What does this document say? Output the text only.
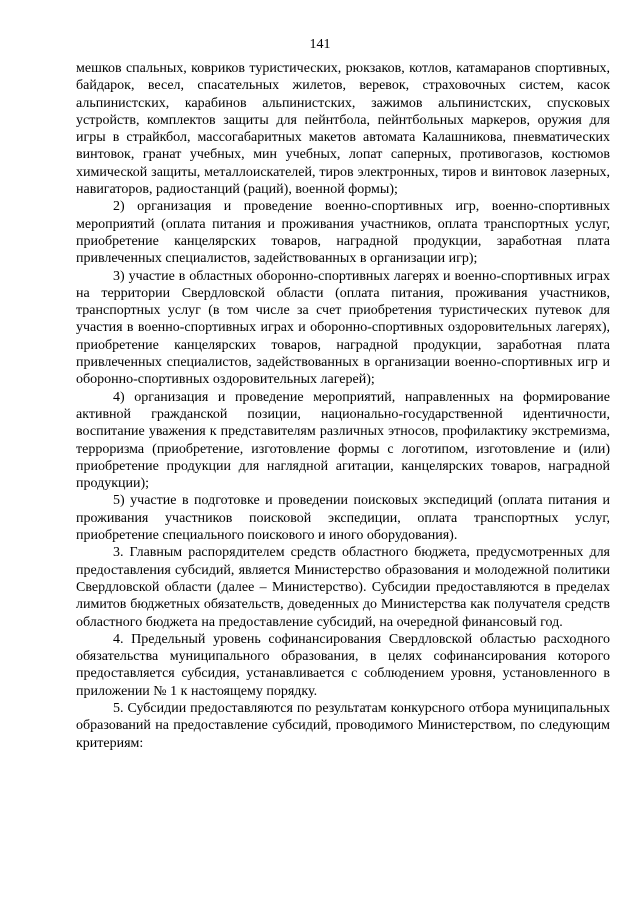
141

мешков спальных, ковриков туристических, рюкзаков, котлов, катамаранов спортивных, байдарок, весел, спасательных жилетов, веревок, страховочных систем, касок альпинистских, карабинов альпинистских, зажимов альпинистских, спусковых устройств, комплектов защиты для пейнтбола, пейнтбольных маркеров, оружия для игры в страйкбол, массогабаритных макетов автомата Калашникова, пневматических винтовок, гранат учебных, мин учебных, лопат саперных, противогазов, костюмов химической защиты, металлоискателей, тиров электронных, тиров и винтовок лазерных, навигаторов, радиостанций (раций), военной формы);

2) организация и проведение военно-спортивных игр, военно-спортивных мероприятий (оплата питания и проживания участников, оплата транспортных услуг, приобретение канцелярских товаров, наградной продукции, заработная плата привлеченных специалистов, задействованных в организации игр);

3) участие в областных оборонно-спортивных лагерях и военно-спортивных играх на территории Свердловской области (оплата питания, проживания участников, транспортных услуг (в том числе за счет приобретения туристических путевок для участия в военно-спортивных играх и оборонно-спортивных оздоровительных лагерях), приобретение канцелярских товаров, наградной продукции, заработная плата привлеченных специалистов, задействованных в организации военно-спортивных игр и оборонно-спортивных оздоровительных лагерей);

4) организация и проведение мероприятий, направленных на формирование активной гражданской позиции, национально-государственной идентичности, воспитание уважения к представителям различных этносов, профилактику экстремизма, терроризма (приобретение, изготовление формы с логотипом, изготовление и (или) приобретение продукции для наглядной агитации, канцелярских товаров, наградной продукции);

5) участие в подготовке и проведении поисковых экспедиций (оплата питания и проживания участников поисковой экспедиции, оплата транспортных услуг, приобретение специального поискового и иного оборудования).

3. Главным распорядителем средств областного бюджета, предусмотренных для предоставления субсидий, является Министерство образования и молодежной политики Свердловской области (далее – Министерство). Субсидии предоставляются в пределах лимитов бюджетных обязательств, доведенных до Министерства как получателя средств областного бюджета на предоставление субсидий, на очередной финансовый год.

4. Предельный уровень софинансирования Свердловской областью расходного обязательства муниципального образования, в целях софинансирования которого предоставляется субсидия, устанавливается с соблюдением уровня, установленного в приложении № 1 к настоящему порядку.

5. Субсидии предоставляются по результатам конкурсного отбора муниципальных образований на предоставление субсидий, проводимого Министерством, по следующим критериям:
